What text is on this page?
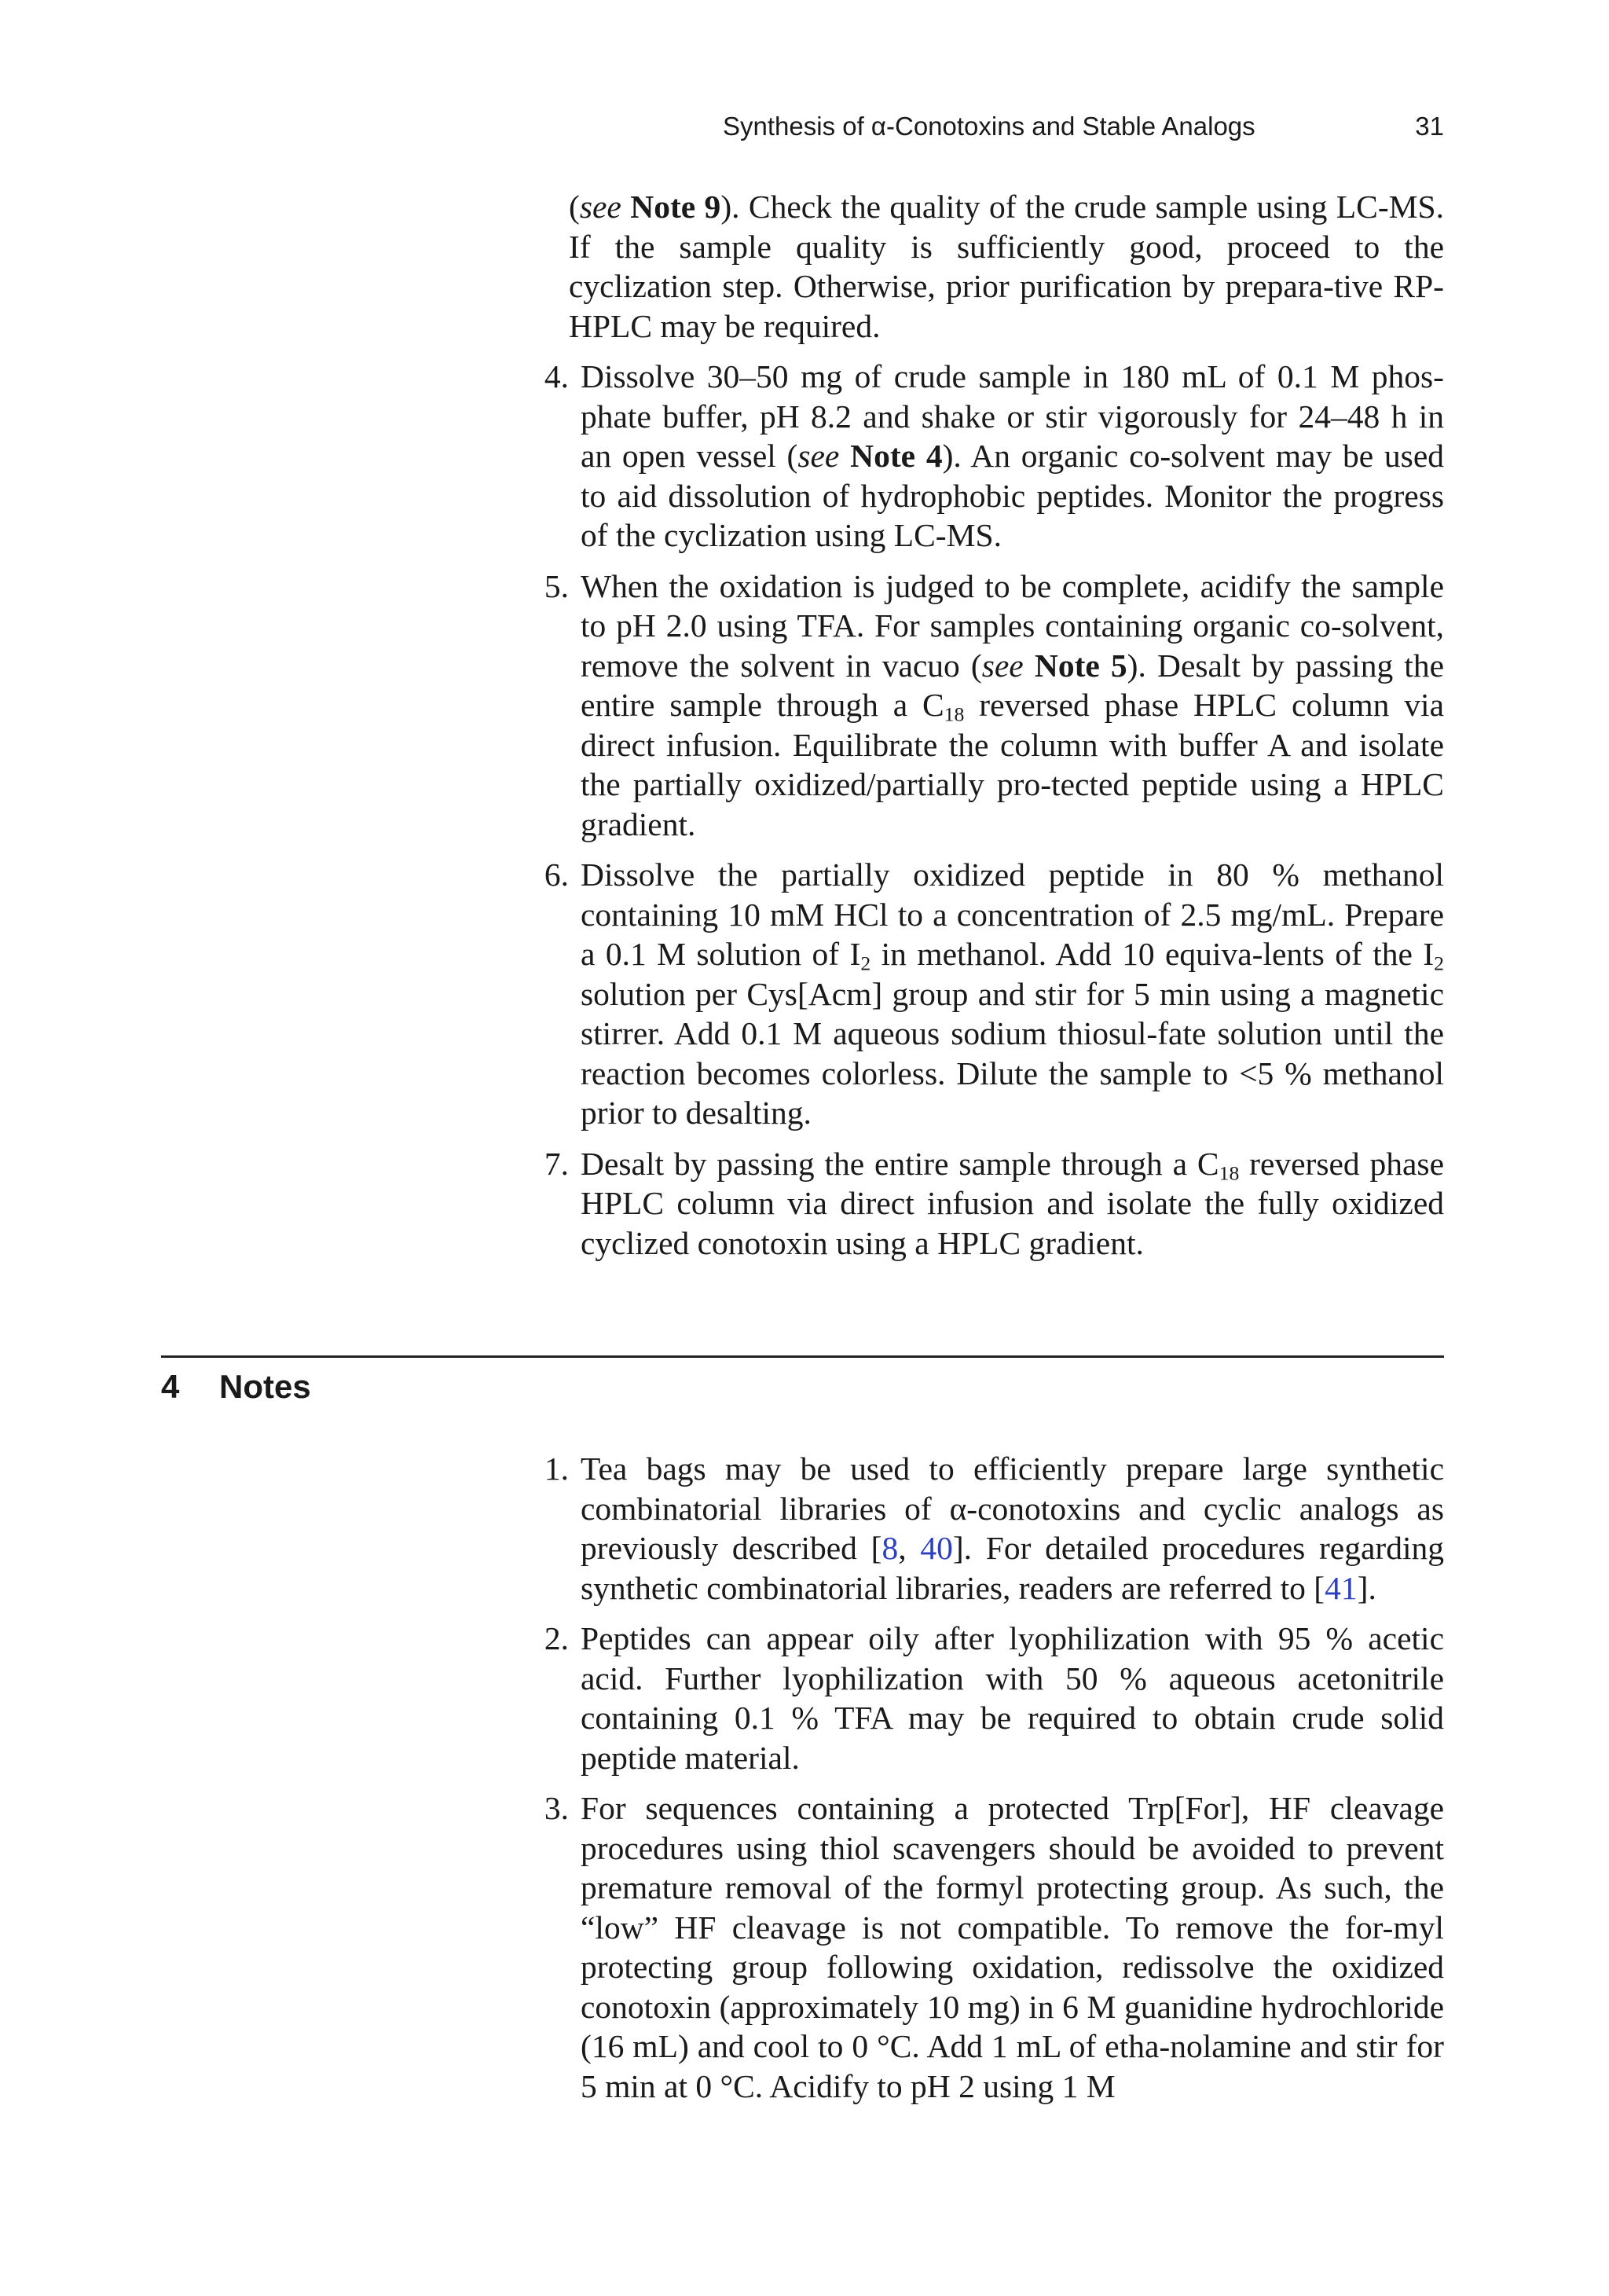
Synthesis of α-Conotoxins and Stable Analogs	31
(see Note 9). Check the quality of the crude sample using LC-MS. If the sample quality is sufficiently good, proceed to the cyclization step. Otherwise, prior purification by prepara-tive RP-HPLC may be required.
4. Dissolve 30–50 mg of crude sample in 180 mL of 0.1 M phos-phate buffer, pH 8.2 and shake or stir vigorously for 24–48 h in an open vessel (see Note 4). An organic co-solvent may be used to aid dissolution of hydrophobic peptides. Monitor the progress of the cyclization using LC-MS.
5. When the oxidation is judged to be complete, acidify the sample to pH 2.0 using TFA. For samples containing organic co-solvent, remove the solvent in vacuo (see Note 5). Desalt by passing the entire sample through a $C_{18}$ reversed phase HPLC column via direct infusion. Equilibrate the column with buffer A and isolate the partially oxidized/partially pro-tected peptide using a HPLC gradient.
6. Dissolve the partially oxidized peptide in 80 % methanol containing 10 mM HCl to a concentration of 2.5 mg/mL. Prepare a 0.1 M solution of $I_2$ in methanol. Add 10 equiva-lents of the $I_2$ solution per Cys[Acm] group and stir for 5 min using a magnetic stirrer. Add 0.1 M aqueous sodium thiosul-fate solution until the reaction becomes colorless. Dilute the sample to <5 % methanol prior to desalting.
7. Desalt by passing the entire sample through a $C_{18}$ reversed phase HPLC column via direct infusion and isolate the fully oxidized cyclized conotoxin using a HPLC gradient.
4 Notes
1. Tea bags may be used to efficiently prepare large synthetic combinatorial libraries of α-conotoxins and cyclic analogs as previously described [8, 40]. For detailed procedures regarding synthetic combinatorial libraries, readers are referred to [41].
2. Peptides can appear oily after lyophilization with 95 % acetic acid. Further lyophilization with 50 % aqueous acetonitrile containing 0.1 % TFA may be required to obtain crude solid peptide material.
3. For sequences containing a protected Trp[For], HF cleavage procedures using thiol scavengers should be avoided to prevent premature removal of the formyl protecting group. As such, the “low” HF cleavage is not compatible. To remove the for-myl protecting group following oxidation, redissolve the oxidized conotoxin (approximately 10 mg) in 6 M guanidine hydrochloride (16 mL) and cool to 0 °C. Add 1 mL of etha-nolamine and stir for 5 min at 0 °C. Acidify to pH 2 using 1 M
